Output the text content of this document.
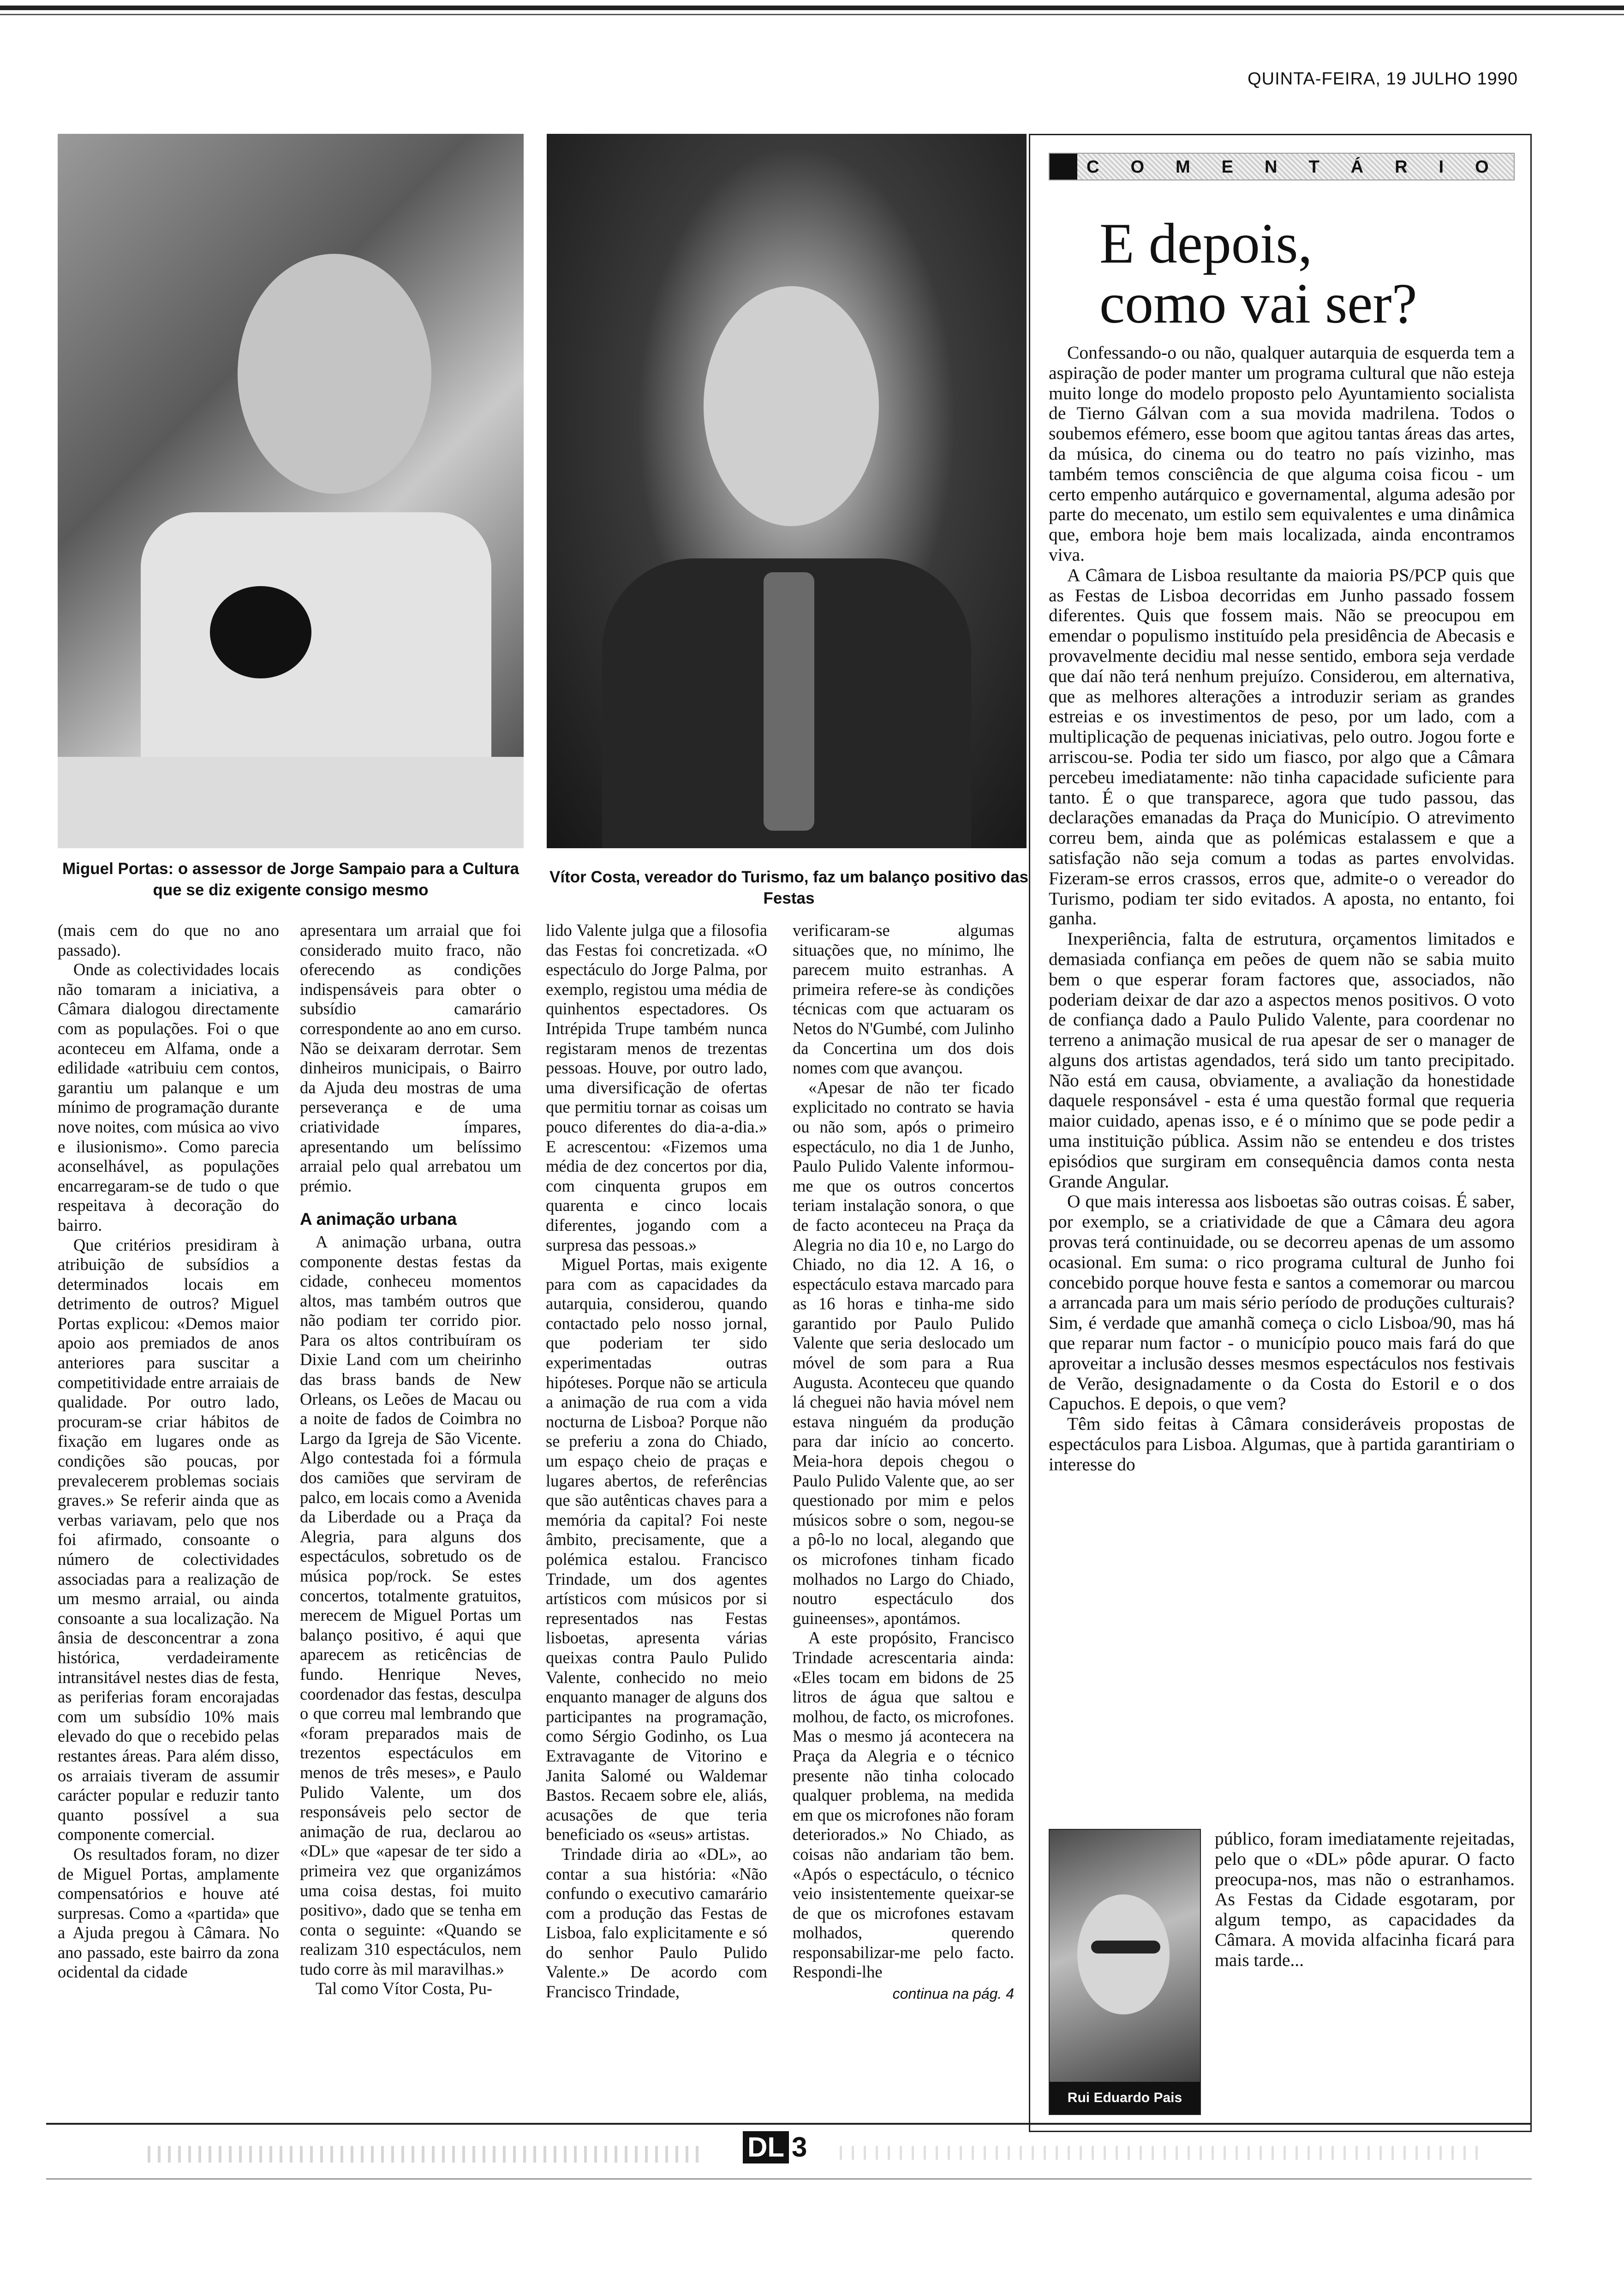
QUINTA-FEIRA, 19 JULHO 1990
Miguel Portas: o assessor de Jorge Sampaio para a Cultura que se diz exigente consigo mesmo
Vítor Costa, vereador do Turismo, faz um balanço positivo das Festas

(mais cem do que no ano passado).

Onde as colectividades locais não tomaram a iniciativa, a Câmara dialogou directamente com as populações. Foi o que aconteceu em Alfama, onde a edilidade «atribuiu cem contos, garantiu um palanque e um mínimo de programação durante nove noites, com música ao vivo e ilusionismo». Como parecia aconselhável, as populações encarregaram-se de tudo o que respeitava à decoração do bairro.

Que critérios presidiram à atribuição de subsídios a determinados locais em detrimento de outros? Miguel Portas explicou: «Demos maior apoio aos premiados de anos anteriores para suscitar a competitividade entre arraiais de qualidade. Por outro lado, procuram-se criar hábitos de fixação em lugares onde as condições são poucas, por prevalecerem problemas sociais graves.» Se referir ainda que as verbas variavam, pelo que nos foi afirmado, consoante o número de colectividades associadas para a realização de um mesmo arraial, ou ainda consoante a sua localização. Na ânsia de desconcentrar a zona histórica, verdadeiramente intransitável nestes dias de festa, as periferias foram encorajadas com um subsídio 10% mais elevado do que o recebido pelas restantes áreas. Para além disso, os arraiais tiveram de assumir carácter popular e reduzir tanto quanto possível a sua componente comercial.

Os resultados foram, no dizer de Miguel Portas, amplamente compensatórios e houve até surpresas. Como a «partida» que a Ajuda pregou à Câmara. No ano passado, este bairro da zona ocidental da cidade

apresentara um arraial que foi considerado muito fraco, não oferecendo as condições indispensáveis para obter o subsídio camarário correspondente ao ano em curso. Não se deixaram derrotar. Sem dinheiros municipais, o Bairro da Ajuda deu mostras de uma perseverança e de uma criatividade ímpares, apresentando um belíssimo arraial pelo qual arrebatou um prémio.

A animação urbana

A animação urbana, outra componente destas festas da cidade, conheceu momentos altos, mas também outros que não podiam ter corrido pior. Para os altos contribuíram os Dixie Land com um cheirinho das brass bands de New Orleans, os Leões de Macau ou a noite de fados de Coimbra no Largo da Igreja de São Vicente. Algo contestada foi a fórmula dos camiões que serviram de palco, em locais como a Avenida da Liberdade ou a Praça da Alegria, para alguns dos espectáculos, sobretudo os de música pop/rock. Se estes concertos, totalmente gratuitos, merecem de Miguel Portas um balanço positivo, é aqui que aparecem as reticências de fundo. Henrique Neves, coordenador das festas, desculpa o que correu mal lembrando que «foram preparados mais de trezentos espectáculos em menos de três meses», e Paulo Pulido Valente, um dos responsáveis pelo sector de animação de rua, declarou ao «DL» que «apesar de ter sido a primeira vez que organizámos uma coisa destas, foi muito positivo», dado que se tenha em conta o seguinte: «Quando se realizam 310 espectáculos, nem tudo corre às mil maravilhas.»

Tal como Vítor Costa, Pu-

lido Valente julga que a filosofia das Festas foi concretizada. «O espectáculo do Jorge Palma, por exemplo, registou uma média de quinhentos espectadores. Os Intrépida Trupe também nunca registaram menos de trezentas pessoas. Houve, por outro lado, uma diversificação de ofertas que permitiu tornar as coisas um pouco diferentes do dia-a-dia.» E acrescentou: «Fizemos uma média de dez concertos por dia, com cinquenta grupos em quarenta e cinco locais diferentes, jogando com a surpresa das pessoas.»

Miguel Portas, mais exigente para com as capacidades da autarquia, considerou, quando contactado pelo nosso jornal, que poderiam ter sido experimentadas outras hipóteses. Porque não se articula a animação de rua com a vida nocturna de Lisboa? Porque não se preferiu a zona do Chiado, um espaço cheio de praças e lugares abertos, de referências que são autênticas chaves para a memória da capital? Foi neste âmbito, precisamente, que a polémica estalou. Francisco Trindade, um dos agentes artísticos com músicos por si representados nas Festas lisboetas, apresenta várias queixas contra Paulo Pulido Valente, conhecido no meio enquanto manager de alguns dos participantes na programação, como Sérgio Godinho, os Lua Extravagante de Vitorino e Janita Salomé ou Waldemar Bastos. Recaem sobre ele, aliás, acusações de que teria beneficiado os «seus» artistas.

Trindade diria ao «DL», ao contar a sua história: «Não confundo o executivo camarário com a produção das Festas de Lisboa, falo explicitamente e só do senhor Paulo Pulido Valente.» De acordo com Francisco Trindade,

verificaram-se algumas situações que, no mínimo, lhe parecem muito estranhas. A primeira refere-se às condições técnicas com que actuaram os Netos do N'Gumbé, com Julinho da Concertina um dos dois nomes com que avançou.

«Apesar de não ter ficado explicitado no contrato se havia ou não som, após o primeiro espectáculo, no dia 1 de Junho, Paulo Pulido Valente informou-me que os outros concertos teriam instalação sonora, o que de facto aconteceu na Praça da Alegria no dia 10 e, no Largo do Chiado, no dia 12. A 16, o espectáculo estava marcado para as 16 horas e tinha-me sido garantido por Paulo Pulido Valente que seria deslocado um móvel de som para a Rua Augusta. Aconteceu que quando lá cheguei não havia móvel nem estava ninguém da produção para dar início ao concerto. Meia-hora depois chegou o Paulo Pulido Valente que, ao ser questionado por mim e pelos músicos sobre o som, negou-se a pô-lo no local, alegando que os microfones tinham ficado molhados no Largo do Chiado, noutro espectáculo dos guineenses», apontámos.

A este propósito, Francisco Trindade acrescentaria ainda: «Eles tocam em bidons de 25 litros de água que saltou e molhou, de facto, os microfones. Mas o mesmo já acontecera na Praça da Alegria e o técnico presente não tinha colocado qualquer problema, na medida em que os microfones não foram deteriorados.» No Chiado, as coisas não andariam tão bem. «Após o espectáculo, o técnico veio insistentemente queixar-se de que os microfones estavam molhados, querendo responsabilizar-me pelo facto. Respondi-lhe

continua na pág. 4
COMENTÁRIO
E depois,
como vai ser?

Confessando-o ou não, qualquer autarquia de esquerda tem a aspiração de poder manter um programa cultural que não esteja muito longe do modelo proposto pelo Ayuntamiento socialista de Tierno Gálvan com a sua movida madrilena. Todos o soubemos efémero, esse boom que agitou tantas áreas das artes, da música, do cinema ou do teatro no país vizinho, mas também temos consciência de que alguma coisa ficou - um certo empenho autárquico e governamental, alguma adesão por parte do mecenato, um estilo sem equivalentes e uma dinâmica que, embora hoje bem mais localizada, ainda encontramos viva.

A Câmara de Lisboa resultante da maioria PS/PCP quis que as Festas de Lisboa decorridas em Junho passado fossem diferentes. Quis que fossem mais. Não se preocupou em emendar o populismo instituído pela presidência de Abecasis e provavelmente decidiu mal nesse sentido, embora seja verdade que daí não terá nenhum prejuízo. Considerou, em alternativa, que as melhores alterações a introduzir seriam as grandes estreias e os investimentos de peso, por um lado, com a multiplicação de pequenas iniciativas, pelo outro. Jogou forte e arriscou-se. Podia ter sido um fiasco, por algo que a Câmara percebeu imediatamente: não tinha capacidade suficiente para tanto. É o que transparece, agora que tudo passou, das declarações emanadas da Praça do Município. O atrevimento correu bem, ainda que as polémicas estalassem e que a satisfação não seja comum a todas as partes envolvidas. Fizeram-se erros crassos, erros que, admite-o o vereador do Turismo, podiam ter sido evitados. A aposta, no entanto, foi ganha.

Inexperiência, falta de estrutura, orçamentos limitados e demasiada confiança em peões de quem não se sabia muito bem o que esperar foram factores que, associados, não poderiam deixar de dar azo a aspectos menos positivos. O voto de confiança dado a Paulo Pulido Valente, para coordenar no terreno a animação musical de rua apesar de ser o manager de alguns dos artistas agendados, terá sido um tanto precipitado. Não está em causa, obviamente, a avaliação da honestidade daquele responsável - esta é uma questão formal que requeria maior cuidado, apenas isso, e é o mínimo que se pode pedir a uma instituição pública. Assim não se entendeu e dos tristes episódios que surgiram em consequência damos conta nesta Grande Angular.

O que mais interessa aos lisboetas são outras coisas. É saber, por exemplo, se a criatividade de que a Câmara deu agora provas terá continuidade, ou se decorreu apenas de um assomo ocasional. Em suma: o rico programa cultural de Junho foi concebido porque houve festa e santos a comemorar ou marcou a arrancada para um mais sério período de produções culturais? Sim, é verdade que amanhã começa o ciclo Lisboa/90, mas há que reparar num factor - o município pouco mais fará do que aproveitar a inclusão desses mesmos espectáculos nos festivais de Verão, designadamente o da Costa do Estoril e o dos Capuchos. E depois, o que vem?

Têm sido feitas à Câmara consideráveis propostas de espectáculos para Lisboa. Algumas, que à partida garantiriam o interesse do

Rui Eduardo Pais
público, foram imediatamente rejeitadas, pelo que o «DL» pôde apurar. O facto preocupa-nos, mas não o estranhamos. As Festas da Cidade esgotaram, por algum tempo, as capacidades da Câmara. A movida alfacinha ficará para mais tarde...
DL 3
